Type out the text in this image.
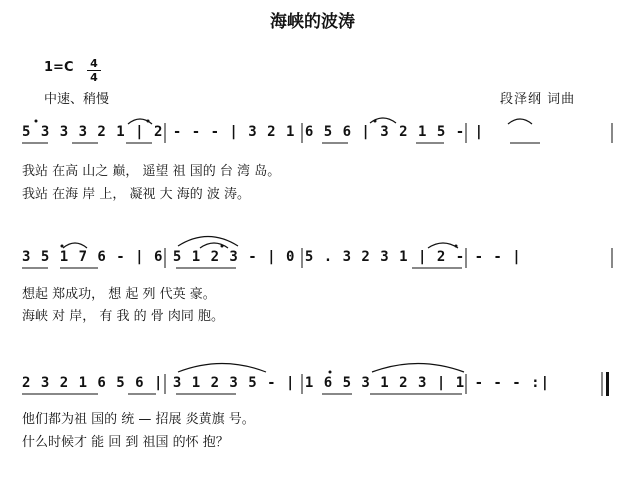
海峡的波涛
1=C 4
4
中速、稍慢	段泽纲 词曲
5 3 3 3 2 1 | 2 - - - | 3 2 1 6 5 6 | 3 2 1 5 - |
我站 在高 山之 巅， 遥望 祖 国的 台 湾 岛。
我站 在海 岸 上， 凝视 大 海的 波 涛。
3 5 1 7 6 - | 6 5 1 2 3 - | 0 5 . 3 2 3 1 | 2 - - - |
想起 郑成功， 想 起 列 代英 豪。
海峡 对 岸， 有 我 的 骨 肉同 胞。
2 3 2 1 6 5 6 | 3 1 2 3 5 - | 1 6 5 3 1 2 3 | 1 - - - :|
他们都为祖 国的 统 — 招展 炎黄旗 号。
什么时候才 能 回 到 祖国 的怀 抱？
